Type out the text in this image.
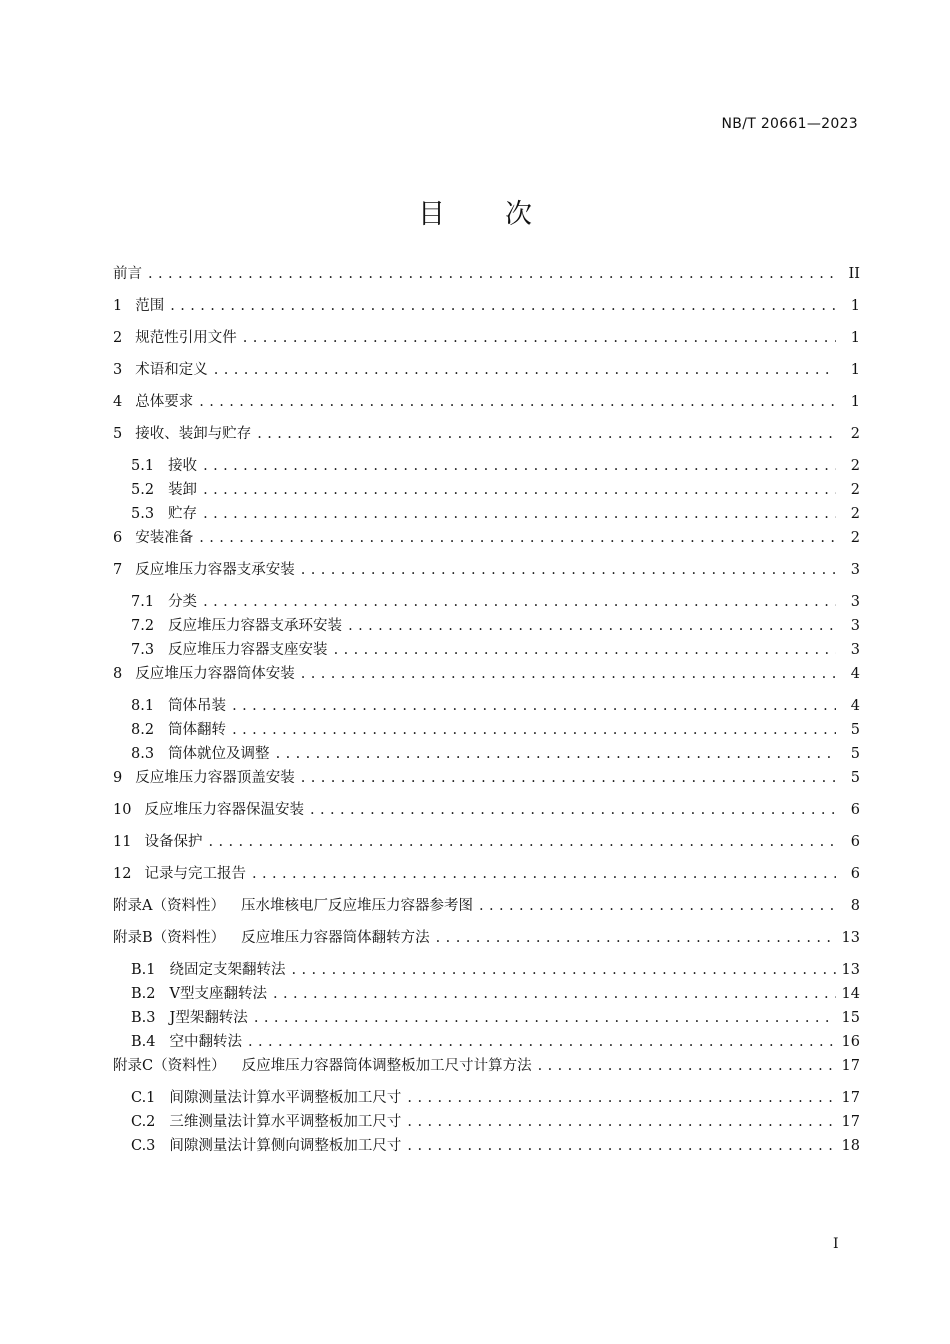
NB/T 20661—2023
目 次
前言 . . .	II
1 范围 . . .	1
2 规范性引用文件 . . .	1
3 术语和定义 . . .	1
4 总体要求 . . .	1
5 接收、装卸与贮存 . . .	2
5.1 接收 . . .	2
5.2 装卸 . . .	2
5.3 贮存 . . .	2
6 安装准备 . . .	2
7 反应堆压力容器支承安装 . . .	3
7.1 分类 . . .	3
7.2 反应堆压力容器支承环安装 . . .	3
7.3 反应堆压力容器支座安装 . . .	3
8 反应堆压力容器筒体安装 . . .	4
8.1 筒体吊装 . . .	4
8.2 筒体翻转 . . .	5
8.3 筒体就位及调整 . . .	5
9 反应堆压力容器顶盖安装 . . .	5
10 反应堆压力容器保温安装 . . .	6
11 设备保护 . . .	6
12 记录与完工报告 . . .	6
附录A（资料性） 压水堆核电厂反应堆压力容器参考图 . . .	8
附录B（资料性） 反应堆压力容器筒体翻转方法 . . .	13
B.1 绕固定支架翻转法 . . .	13
B.2 V型支座翻转法 . . .	14
B.3 J型架翻转法 . . .	15
B.4 空中翻转法 . . .	16
附录C（资料性） 反应堆压力容器筒体调整板加工尺寸计算方法 . . .	17
C.1 间隙测量法计算水平调整板加工尺寸 . . .	17
C.2 三维测量法计算水平调整板加工尺寸 . . .	17
C.3 间隙测量法计算侧向调整板加工尺寸 . . .	18
I
